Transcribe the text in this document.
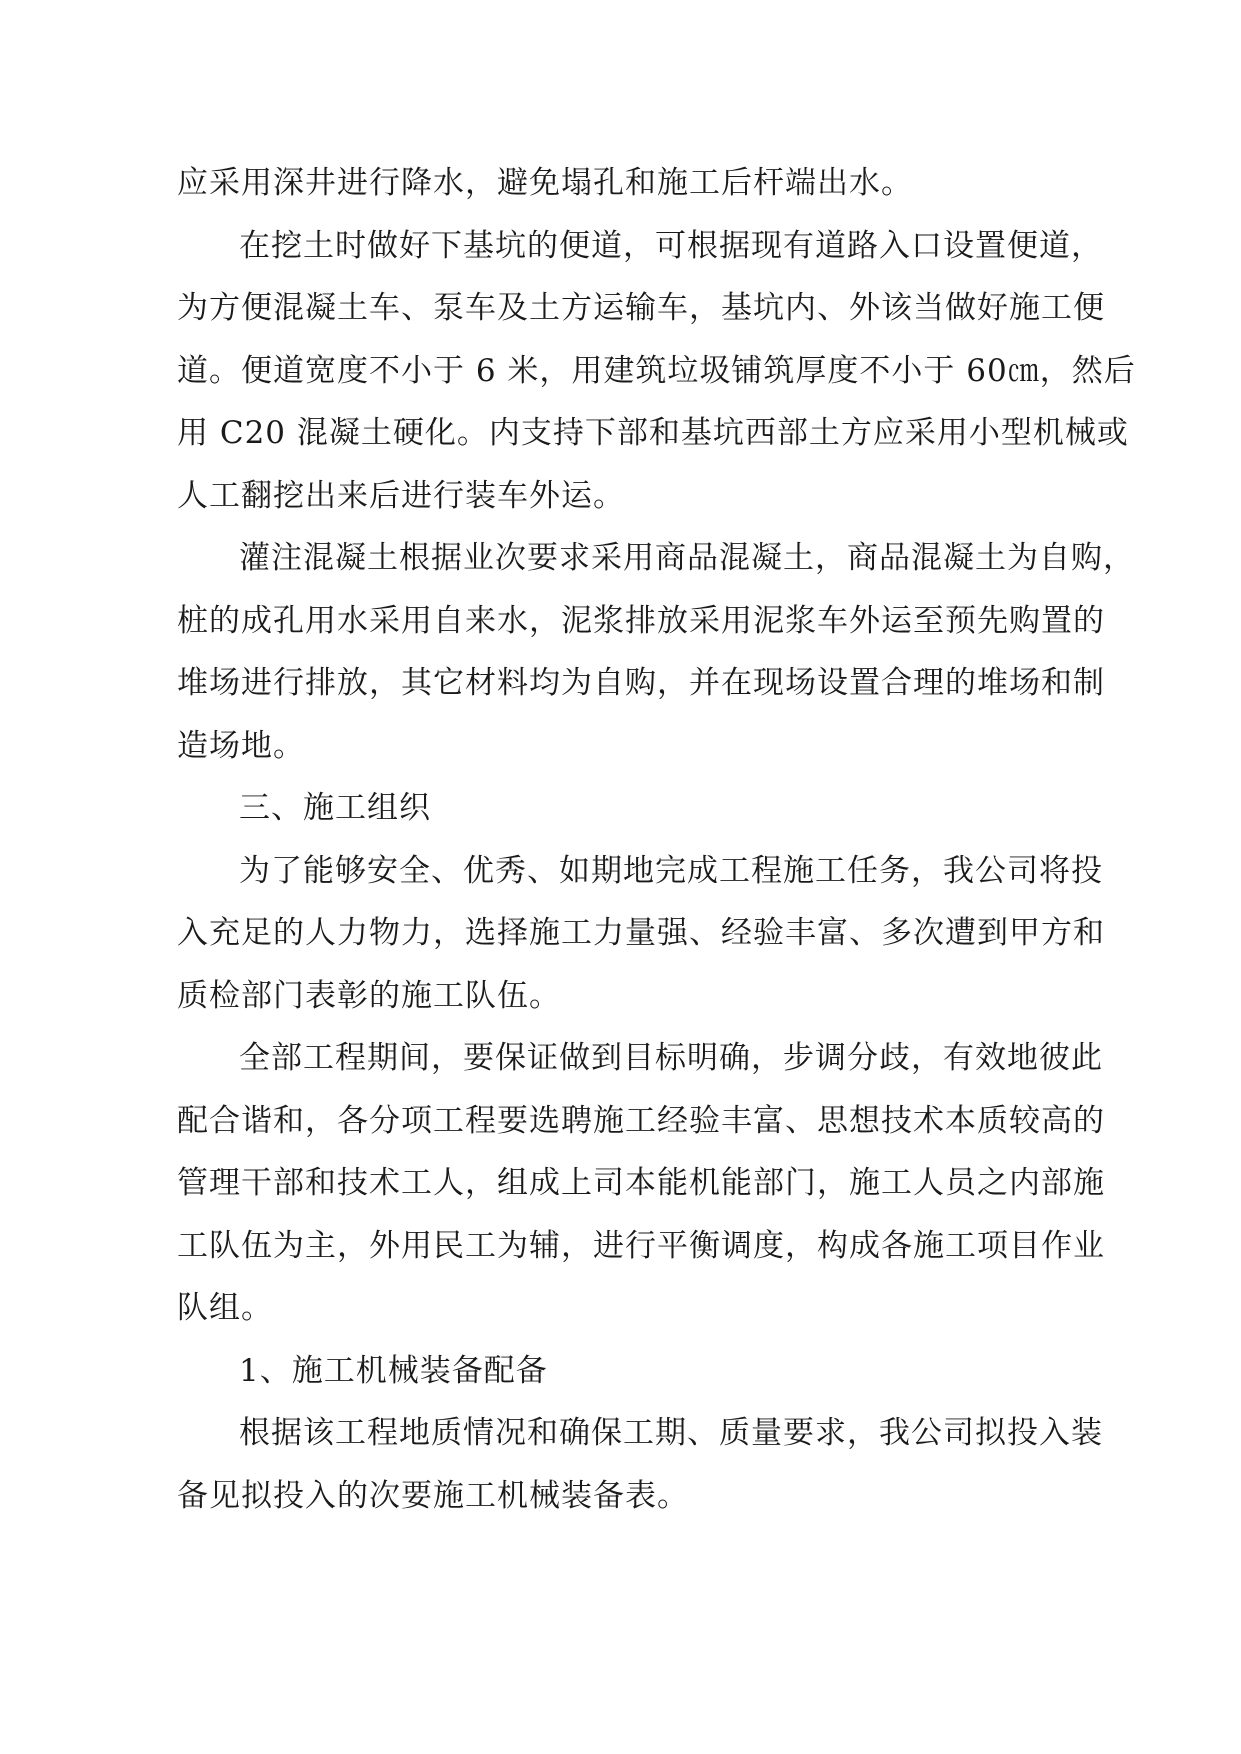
应采用深井进行降水，避免塌孔和施工后杆端出水。
在挖土时做好下基坑的便道，可根据现有道路入口设置便道，
为方便混凝土车、泵车及土方运输车，基坑内、外该当做好施工便
道。便道宽度不小于 6 米，用建筑垃圾铺筑厚度不小于 60㎝，然后
用 C20 混凝土硬化。内支持下部和基坑西部土方应采用小型机械或
人工翻挖出来后进行装车外运。
灌注混凝土根据业次要求采用商品混凝土，商品混凝土为自购，
桩的成孔用水采用自来水，泥浆排放采用泥浆车外运至预先购置的
堆场进行排放，其它材料均为自购，并在现场设置合理的堆场和制
造场地。
三、施工组织
为了能够安全、优秀、如期地完成工程施工任务，我公司将投
入充足的人力物力，选择施工力量强、经验丰富、多次遭到甲方和
质检部门表彰的施工队伍。
全部工程期间，要保证做到目标明确，步调分歧，有效地彼此
配合谐和，各分项工程要选聘施工经验丰富、思想技术本质较高的
管理干部和技术工人，组成上司本能机能部门，施工人员之内部施
工队伍为主，外用民工为辅，进行平衡调度，构成各施工项目作业
队组。
1、施工机械装备配备
根据该工程地质情况和确保工期、质量要求，我公司拟投入装
备见拟投入的次要施工机械装备表。
